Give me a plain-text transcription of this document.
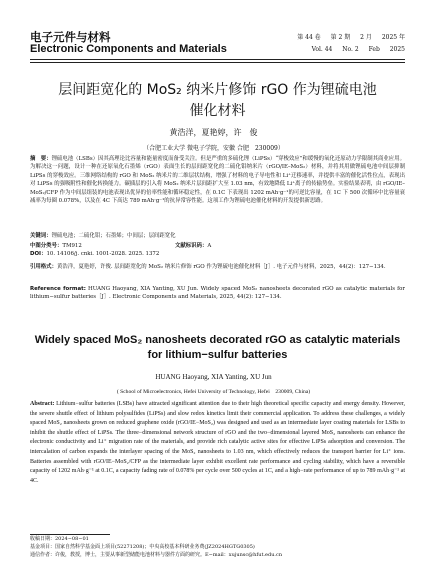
电子元件与材料
Electronic Components and Materials
第 44 卷 第 2 期 2 月 2025 年
Vol. 44 No. 2 Feb 2025
层间距宽化的 MoS₂ 纳米片修饰 rGO 作为锂硫电池
催化材料
黄浩洋，夏艳婷，许　俊
（合肥工业大学 微电子学院，安徽 合肥　230009）
摘　要：锂硫电池（LSBs）因其高理论比容量和能量密度而备受关注。但是严重的多硫化锂（LiPSs）“穿梭效应”和缓慢的氧化还原动力学限制其商业应用。为解决这一问题，设计一种在还原氧化石墨烯（rGO）表面生长的层间距宽化的二硫化钼纳米片（rGO/IE–MoS₂）材料，并将其用做锂硫电池中间层抑制 LiPSs 的穿梭效应。三维网络结构的 rGO 和 MoS₂ 纳米片的二维层状结构，增强了材料的电子导电性和 Li⁺迁移速率，并提供丰富的催化活性位点，表现出对 LiPSs 的强吸附性和催化转换能力。碳插层的引入将 MoS₂ 纳米片层间距扩大至 1.03 nm，有效地降低 Li⁺离子的传输势垒。实验结果表明，由 rGO/IE–MoS₂/CFP 作为中间层组装的电池表现出优异的倍率性能和循环稳定性，在 0.1C 下表现出 1202 mAh·g⁻¹的可逆比容量，在 1C 下 500 次循环中比容量衰减率为每圈 0.078%，以及在 4C 下高达 789 mAh·g⁻¹的抗异常容性能。这项工作为锂硫电池催化材料的开发提供新思路。
关键词：锂硫电池；二硫化钼；石墨烯；中间层；层间距宽化
中图分类号：TM912	文献标识码：A
DOI：10. 14106/j. cnki. 1001-2028. 2025. 1372
引用格式：黄浩洋，夏艳婷，许俊. 层间距宽化的 MoS₂ 纳米片修饰 rGO 作为锂硫电池催化材料［J］. 电子元件与材料，2025，44(2)：127−134.
Reference format: HUANG Haoyang, XIA Yanting, XU Jun. Widely spaced MoS₂ nanosheets decorated rGO as catalytic materials for lithium−sulfur batteries［J］. Electronic Components and Materials, 2025, 44(2): 127−134.
Widely spaced MoS₂ nanosheets decorated rGO as catalytic materials
for lithium−sulfur batteries
HUANG Haoyang, XIA Yanting, XU Jun
( School of Microelectronics, Hefei University of Technology, Hefei　230009, China)
Abstract: Lithium−sulfur batteries (LSBs) have attracted significant attention due to their high theoretical specific capacity and energy density. However, the severe shuttle effect of lithium polysulfides (LiPSs) and slow redox kinetics limit their commercial application. To address these challenges, a widely spaced MoS₂ nanosheets grown on reduced graphene oxide (rGO/IE−MoS₂) was designed and used as an intermediate layer coating materials for LSBs to inhibit the shuttle effect of LiPSs. The three−dimensional network structure of rGO and the two−dimensional layered MoS₂ nanosheets can enhance the electronic conductivity and Li⁺ migration rate of the materials, and provide rich catalytic active sites for effective LiPSs adsorption and conversion. The intercalation of carbon expands the interlayer spacing of the MoS₂ nanosheets to 1.03 nm, which effectively reduces the transport barrier for Li⁺ ions. Batteries assembled with rGO/IE−MoS₂/CFP as the intermediate layer exhibit excellent rate performance and cycling stability, which have a reversible capacity of 1202 mAh·g⁻¹ at 0.1C, a capacity fading rate of 0.078% per cycle over 500 cycles at 1C, and a high−rate performance of up to 789 mAh·g⁻¹ at 4C.
收稿日期：2024−08−01
基金项目：国家自然科学基金面上项目(52271208)；中央高校基本科研业务费(JZ2024HGTG0305)
通信作者：许俊，教授，博士，主要从事新型储能电池材料与器件方面的研究。E−mail：xujunsc@hfut.edu.cn
